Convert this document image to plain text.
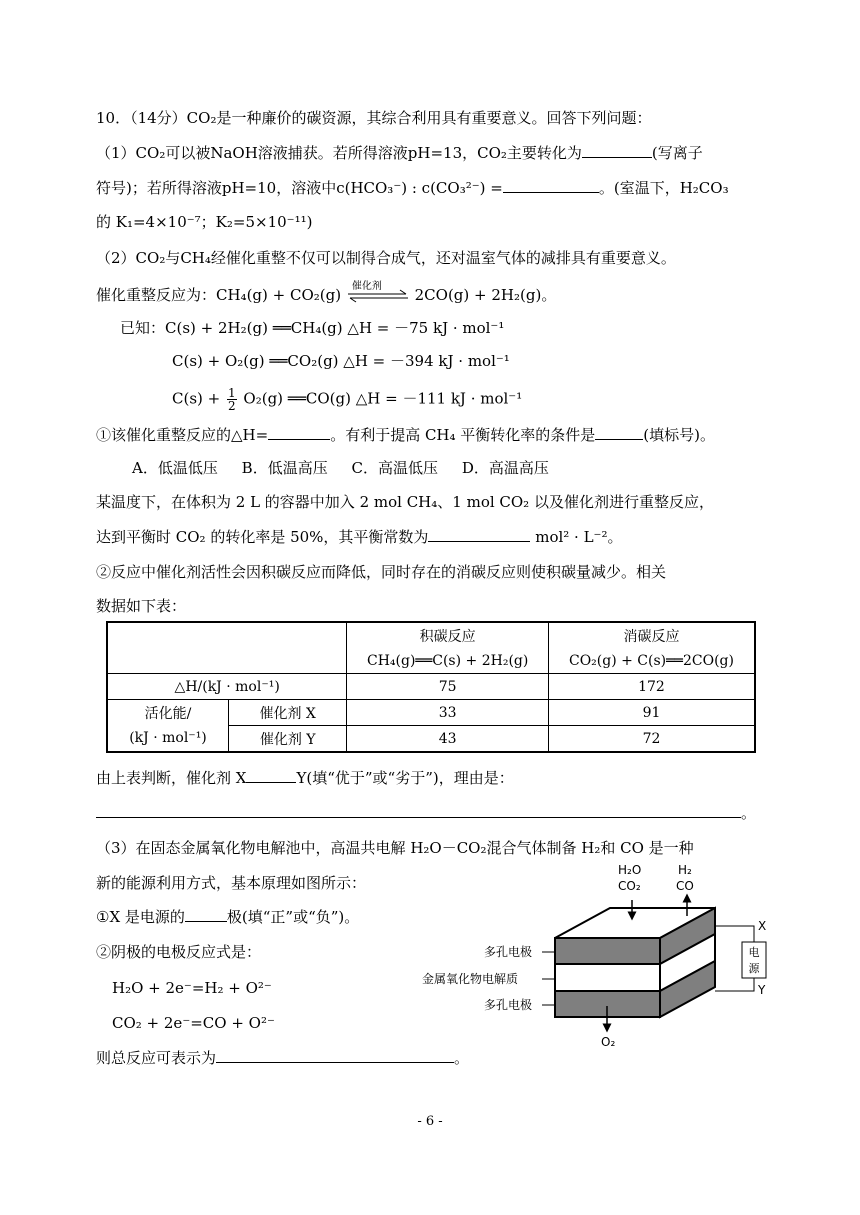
10．（14分）CO₂是一种廉价的碳资源，其综合利用具有重要意义。回答下列问题：
（1）CO₂可以被NaOH溶液捕获。若所得溶液pH=13，CO₂主要转化为	(写离子
符号)；若所得溶液pH=10，溶液中c(HCO₃⁻) : c(CO₃²⁻) =	。(室温下，H₂CO₃
的 K₁=4×10⁻⁷；K₂=5×10⁻¹¹)
（2）CO₂与CH₄经催化重整不仅可以制得合成气，还对温室气体的减排具有重要意义。
催化重整反应为：CH₄(g) + CO₂(g) 催化剂 2CO(g) + 2H₂(g)。
已知：C(s) + 2H₂(g) ══CH₄(g) △H = －75 kJ · mol⁻¹
C(s) + O₂(g) ══CO₂(g) △H = －394 kJ · mol⁻¹
$C(s) + \frac{1}{2} O_2(g)$ ══CO(g) △H = －111 kJ · mol⁻¹
①该催化重整反应的△H=	。有利于提高 CH₄ 平衡转化率的条件是	(填标号)。
A．低温低压     B．低温高压     C．高温低压     D．高温高压
某温度下，在体积为 2 L 的容器中加入 2 mol CH₄、1 mol CO₂ 以及催化剂进行重整反应，
达到平衡时 CO₂ 的转化率是 50%，其平衡常数为	mol² · L⁻²。
②反应中催化剂活性会因积碳反应而降低，同时存在的消碳反应则使积碳量减少。相关
数据如下表：
		积碳反应	消碳反应
		CH₄(g)══C(s) + 2H₂(g)	CO₂(g) + C(s)══2CO(g)
△H/(kJ · mol⁻¹)		75	172
活化能/	催化剂 X	33	91
(kJ · mol⁻¹)	催化剂 Y	43	72
由上表判断，催化剂 X	Y(填“优于”或“劣于”)，理由是：
。
（3）在固态金属氧化物电解池中，高温共电解 H₂O－CO₂混合气体制备 H₂和 CO 是一种
新的能源利用方式，基本原理如图所示：
①X 是电源的	极(填“正”或“负”)。
②阴极的电极反应式是：
H₂O + 2e⁻=H₂ + O²⁻
CO₂ + 2e⁻=CO + O²⁻
则总反应可表示为	。
H₂O
CO₂
H₂
CO
O₂
多孔电极
金属氧化物电解质
多孔电极
电
源
X
Y
- 6 -
